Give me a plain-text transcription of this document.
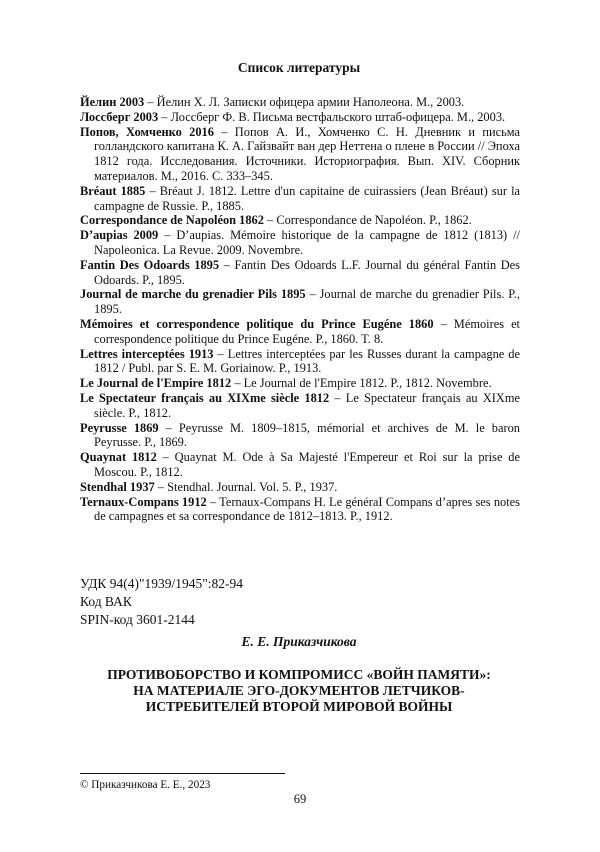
Список литературы

Йелин 2003 – Йелин Х. Л. Записки офицера армии Наполеона. М., 2003.

Лоссберг 2003 – Лоссберг Ф. В. Письма вестфальского штаб-офицера. М., 2003.

Попов, Хомченко 2016 – Попов А. И., Хомченко С. Н. Дневник и письма голландского капитана К. А. Гайзвайт ван дер Неттена о плене в России // Эпоха 1812 года. Исследования. Источники. Историография. Вып. XIV. Сборник материалов. М., 2016. С. 333–345.

Bréaut 1885 – Bréaut J. 1812. Lettre d'un capitaine de cuirassiers (Jean Bréaut) sur la campagne de Russie. P., 1885.

Correspondance de Napoléon 1862 – Correspondance de Napoléon. P., 1862.

D’aupias 2009 – D’aupias. Mémoire historique de la campagne de 1812 (1813) // Napoleonica. La Revue. 2009. Novembre.

Fantin Des Odoards 1895 – Fantin Des Odoards L.F. Journal du général Fantin Des Odoards. P., 1895.

Journal de marche du grenadier Pils 1895 – Journal de marche du grenadier Pils. P., 1895.

Mémoires et correspondence politique du Prince Eugéne 1860 – Mémoires et correspondence politique du Prince Eugéne. P., 1860. T. 8.

Lettres interceptées 1913 – Lettres interceptées par les Russes durant la campagne de 1812 / Publ. par S. E. M. Goriainow. P., 1913.

Le Journal de l'Empire 1812 – Le Journal de l'Empire 1812. P., 1812. Novembre.

Le Spectateur français au XIXme siècle 1812 – Le Spectateur français au XIXme siècle. P., 1812.

Peyrusse 1869 – Peyrusse M. 1809–1815, mémorial et archives de M. le baron Peyrusse. P., 1869.

Quaynat 1812 – Quaynat M. Ode à Sa Majesté l'Empereur et Roi sur la prise de Moscou. P., 1812.

Stendhal 1937 – Stendhal. Journal. Vol. 5. P., 1937.

Ternaux-Compans 1912 – Ternaux-Compans H. Le généraI Compans d’apres ses notes de campagnes et sa correspondance de 1812–1813. P., 1912.

УДК 94(4)"1939/1945":82-94
Код ВАК
SPIN-код 3601-2144
Е. Е. Приказчикова
ПРОТИВОБОРСТВО И КОМПРОМИСС «ВОЙН ПАМЯТИ»:
НА МАТЕРИАЛЕ ЭГО-ДОКУМЕНТОВ ЛЕТЧИКОВ-
ИСТРЕБИТЕЛЕЙ ВТОРОЙ МИРОВОЙ ВОЙНЫ
© Приказчикова Е. Е., 2023
69
